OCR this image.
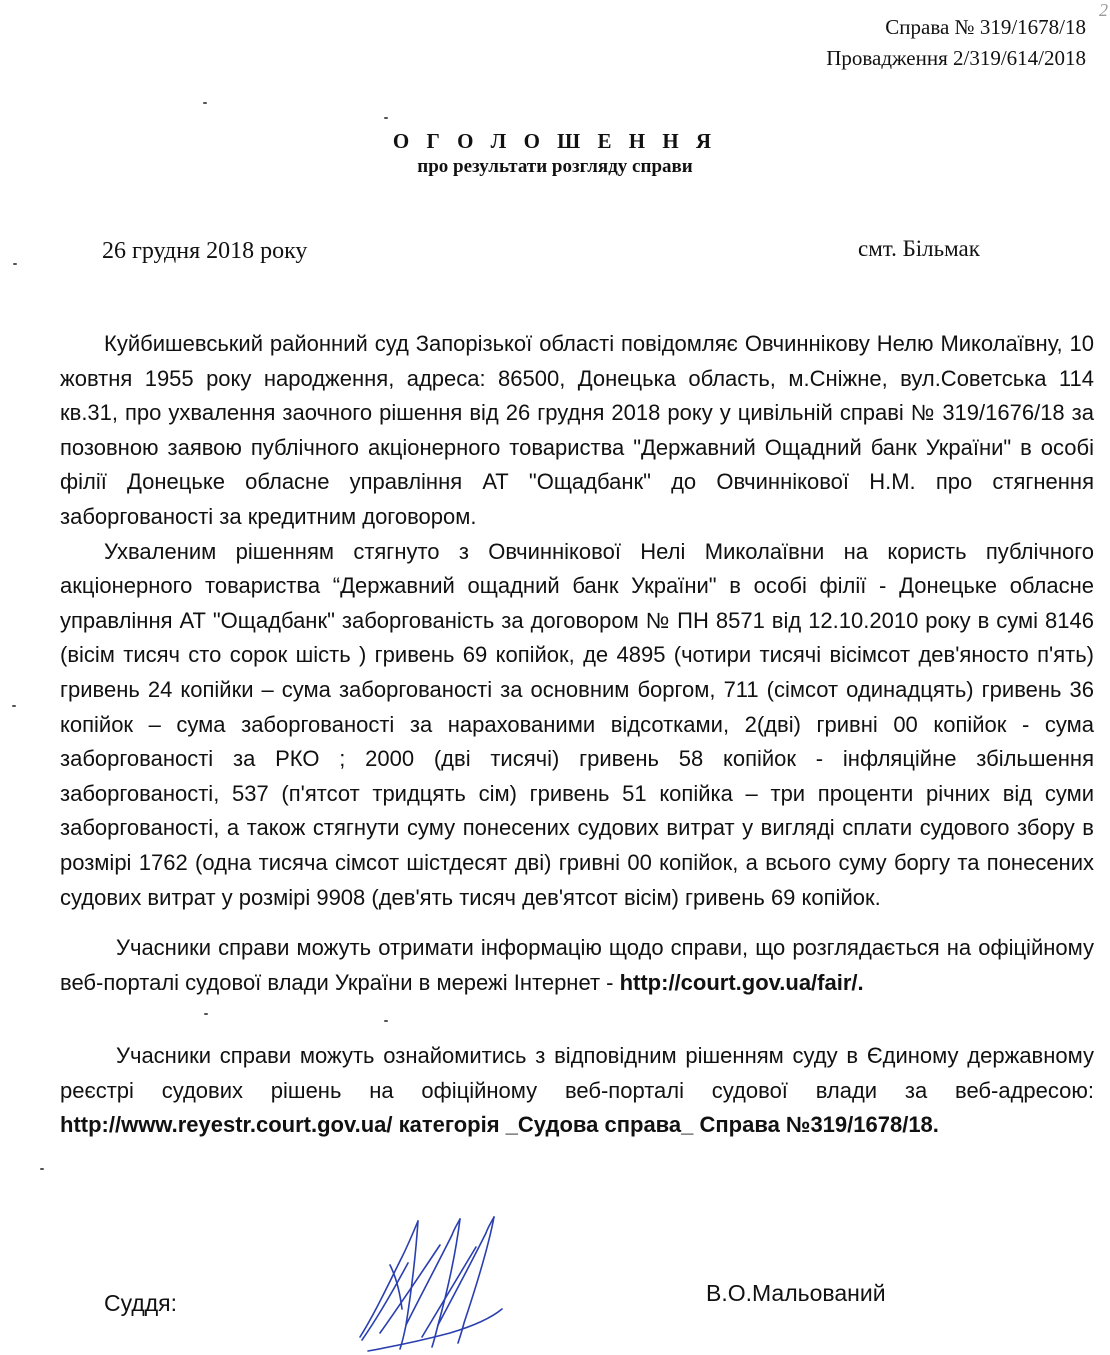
2
Справа № 319/1678/18
Провадження 2/319/614/2018
О Г О Л О Ш Е Н Н Я
про результати розгляду справи
26 грудня 2018 року	смт. Більмак

Куйбишевський районний суд Запорізької області повідомляє Овчиннікову Нелю Миколаївну, 10 жовтня 1955 року народження, адреса: 86500, Донецька область, м.Сніжне, вул.Советська 114 кв.31, про ухвалення заочного рішення від 26 грудня 2018 року у цивільній справі № 319/1676/18 за позовною заявою публічного акціонерного товариства "Державний Ощадний банк України" в особі філії Донецьке обласне управління АТ "Ощадбанк" до Овчиннікової Н.М. про стягнення заборгованості за кредитним договором.

Ухваленим рішенням стягнуто з Овчиннікової Нелі Миколаївни на користь публічного акціонерного товариства “Державний ощадний банк України" в особі філії - Донецьке обласне управління АТ "Ощадбанк" заборгованість за договором № ПН 8571 від 12.10.2010 року в сумі 8146 (вісім тисяч сто сорок шість ) гривень 69 копійок, де 4895 (чотири тисячі вісімсот дев'яносто п'ять) гривень 24 копійки – сума заборгованості за основним боргом, 711 (сімсот одинадцять) гривень 36 копійок – сума заборгованості за нарахованими відсотками, 2(дві) гривні 00 копійок - сума заборгованості за РКО ; 2000 (дві тисячі) гривень 58 копійок - інфляційне збільшення заборгованості, 537 (п'ятсот тридцять сім) гривень 51 копійка – три проценти річних від суми заборгованості, а також стягнути суму понесених судових витрат у вигляді сплати судового збору в розмірі 1762 (одна тисяча сімсот шістдесят дві) гривні 00 копійок, а всього суму боргу та понесених судових витрат у розмірі 9908 (дев'ять тисяч дев'ятсот вісім) гривень 69 копійок.

Учасники справи можуть отримати інформацію щодо справи, що розглядається на офіційному веб-порталі судової влади України в мережі Інтернет - http://court.gov.ua/fair/.

Учасники справи можуть ознайомитись з відповідним рішенням суду в Єдиному державному реєстрі судових рішень на офіційному веб-порталі судової влади за веб-адресою: http://www.reyestr.court.gov.ua/ категорія _Судова справа_ Справа №319/1678/18.

Суддя:	В.О.Мальований
